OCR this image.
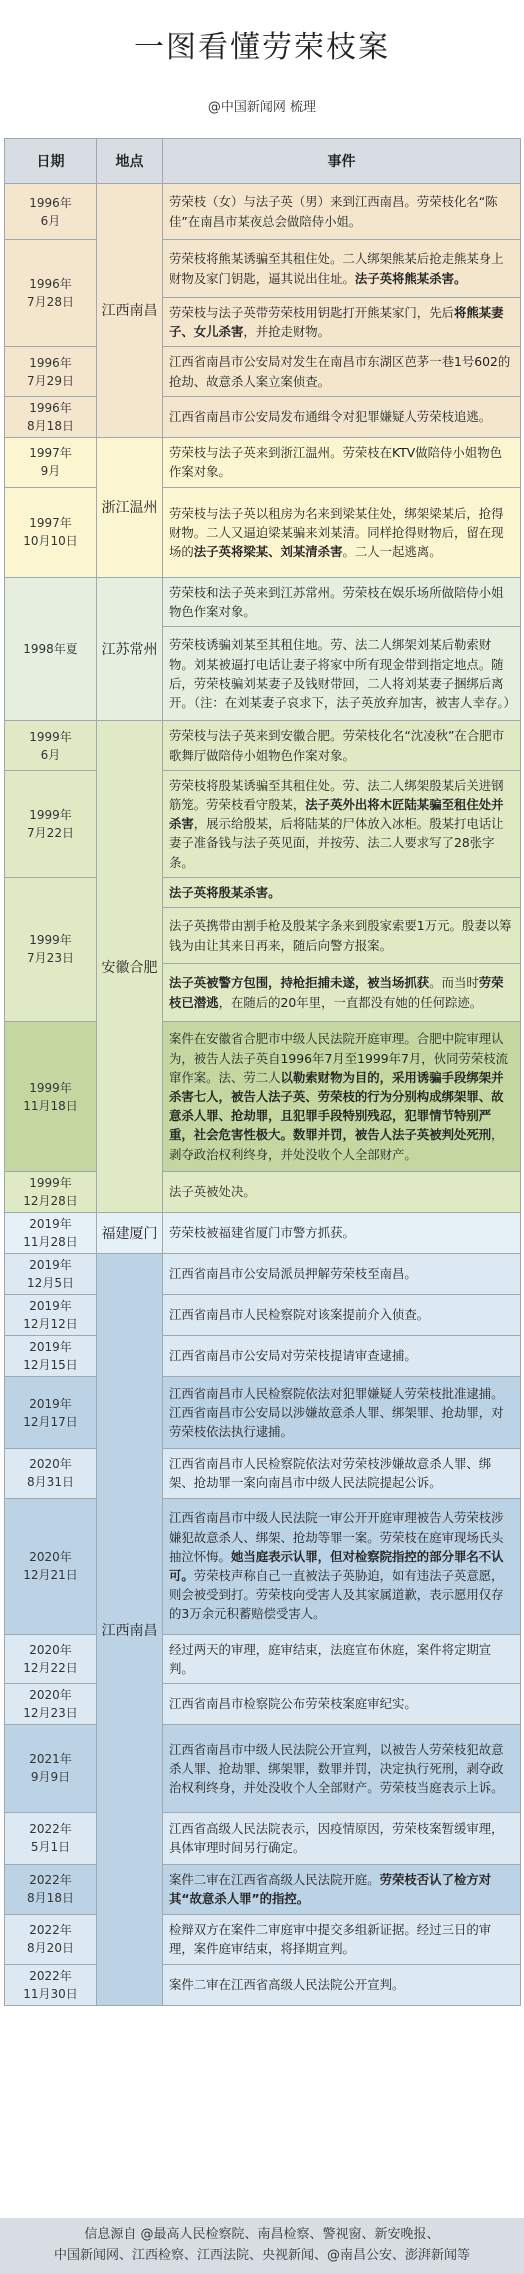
一图看懂劳荣枝案
@中国新闻网 梳理
日期	地点	事件
1996年
6月	江西南昌	劳荣枝（女）与法子英（男）来到江西南昌。劳荣枝化名“陈佳”在南昌市某夜总会做陪侍小姐。
1996年
7月28日		劳荣枝将熊某诱骗至其租住处。二人绑架熊某后抢走熊某身上财物及家门钥匙，逼其说出住址。法子英将熊某杀害。
		劳荣枝与法子英带劳荣枝用钥匙打开熊某家门，先后将熊某妻子、女儿杀害，并抢走财物。
1996年
7月29日		江西省南昌市公安局对发生在南昌市东湖区芭茅一巷1号602的抢劫、故意杀人案立案侦查。
1996年
8月18日		江西省南昌市公安局发布通缉令对犯罪嫌疑人劳荣枝追逃。
1997年
9月	浙江温州	劳荣枝与法子英来到浙江温州。劳荣枝在KTV做陪侍小姐物色作案对象。
1997年
10月10日		劳荣枝与法子英以租房为名来到梁某住处，绑架梁某后，抢得财物。二人又逼迫梁某骗来刘某清。同样抢得财物后，留在现场的法子英将梁某、刘某清杀害。二人一起逃离。
1998年夏	江苏常州	劳荣枝和法子英来到江苏常州。劳荣枝在娱乐场所做陪侍小姐物色作案对象。
		劳荣枝诱骗刘某至其租住地。劳、法二人绑架刘某后勒索财物。刘某被逼打电话让妻子将家中所有现金带到指定地点。随后，劳荣枝骗刘某妻子及钱财带回，二人将刘某妻子捆绑后离开。（注：在刘某妻子哀求下，法子英放弃加害，被害人幸存。）
1999年
6月	安徽合肥	劳荣枝与法子英来到安徽合肥。劳荣枝化名“沈凌秋”在合肥市歌舞厅做陪侍小姐物色作案对象。
1999年
7月22日		劳荣枝将殷某诱骗至其租住处。劳、法二人绑架殷某后关进钢筋笼。劳荣枝看守殷某，法子英外出将木匠陆某骗至租住处并杀害，展示给殷某，后将陆某的尸体放入冰柜。殷某打电话让妻子准备钱与法子英见面，并按劳、法二人要求写了28张字条。
1999年
7月23日		法子英将殷某杀害。
		法子英携带由割手枪及殷某字条来到殷家索要1万元。殷妻以筹钱为由让其来日再来，随后向警方报案。
		法子英被警方包围，持枪拒捕未遂，被当场抓获。而当时劳荣枝已潜逃，在随后的20年里，一直都没有她的任何踪迹。
1999年
11月18日		案件在安徽省合肥市中级人民法院开庭审理。合肥中院审理认为，被告人法子英自1996年7月至1999年7月，伙同劳荣枝流窜作案。法、劳二人以勒索财物为目的，采用诱骗手段绑架并杀害七人，被告人法子英、劳荣枝的行为分别构成绑架罪、故意杀人罪、抢劫罪，且犯罪手段特别残忍，犯罪情节特别严重，社会危害性极大。数罪并罚，被告人法子英被判处死刑，剥夺政治权利终身，并处没收个人全部财产。
1999年
12月28日		法子英被处决。
2019年
11月28日	福建厦门	劳荣枝被福建省厦门市警方抓获。
2019年
12月5日	江西南昌	江西省南昌市公安局派员押解劳荣枝至南昌。
2019年
12月12日		江西省南昌市人民检察院对该案提前介入侦查。
2019年
12月15日		江西省南昌市公安局对劳荣枝提请审查逮捕。
2019年
12月17日		江西省南昌市人民检察院依法对犯罪嫌疑人劳荣枝批准逮捕。江西省南昌市公安局以涉嫌故意杀人罪、绑架罪、抢劫罪，对劳荣枝依法执行逮捕。
2020年
8月31日		江西省南昌市人民检察院依法对劳荣枝涉嫌故意杀人罪、绑架、抢劫罪一案向南昌市中级人民法院提起公诉。
2020年
12月21日		江西省南昌市中级人民法院一审公开开庭审理被告人劳荣枝涉嫌犯故意杀人、绑架、抢劫等罪一案。劳荣枝在庭审现场氏头抽泣怀悔。她当庭表示认罪，但对检察院指控的部分罪名不认可。劳荣枝声称自己一直被法子英胁迫，如有违法子英意愿，则会被受到打。劳荣枝向受害人及其家属道歉，表示愿用仅存的3万余元积蓄赔偿受害人。
2020年
12月22日		经过两天的审理，庭审结束，法庭宣布休庭，案件将定期宣判。
2020年
12月23日		江西省南昌市检察院公布劳荣枝案庭审纪实。
2021年
9月9日		江西省南昌市中级人民法院公开宣判，以被告人劳荣枝犯故意杀人罪、抢劫罪、绑架罪，数罪并罚，决定执行死刑，剥夺政治权利终身，并处没收个人全部财产。劳荣枝当庭表示上诉。
2022年
5月1日		江西省高级人民法院表示，因疫情原因，劳荣枝案暂缓审理，具体审理时间另行确定。
2022年
8月18日		案件二审在江西省高级人民法院开庭。劳荣枝否认了检方对其“故意杀人罪”的指控。
2022年
8月20日		检辩双方在案件二审庭审中提交多组新证据。经过三日的审理，案件庭审结束，将择期宣判。
2022年
11月30日		案件二审在江西省高级人民法院公开宣判。
信息源自 @最高人民检察院、南昌检察、警视窗、新安晚报、
中国新闻网、江西检察、江西法院、央视新闻、@南昌公安、澎湃新闻等
